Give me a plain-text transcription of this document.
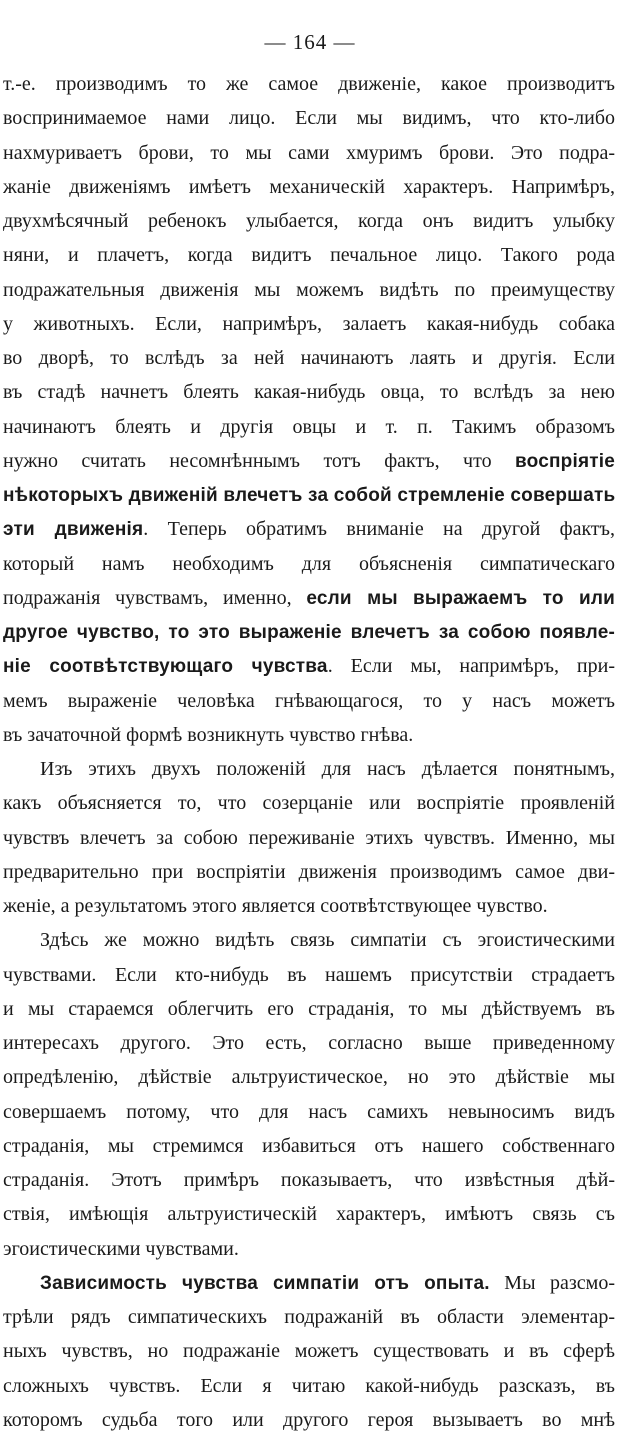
— 164 —
т.-е. производимъ то же самое движенiе, какое производитъ
воспринимаемое нами лицо. Если мы видимъ, что кто-либо
нахмуриваетъ брови, то мы сами хмуримъ брови. Это подра-
жанiе движенiямъ имѣетъ механическiй характеръ. Напримѣръ,
двухмѣсячный ребенокъ улыбается, когда онъ видитъ улыбку
няни, и плачетъ, когда видитъ печальное лицо. Такого рода
подражательныя движенiя мы можемъ видѣть по преимуществу
у животныхъ. Если, напримѣръ, залаетъ какая-нибудь собака
во дворѣ, то вслѣдъ за ней начинаютъ лаять и другiя. Если
въ стадѣ начнетъ блеять какая-нибудь овца, то вслѣдъ за нею
начинаютъ блеять и другiя овцы и т. п. Такимъ образомъ
нужно считать несомнѣннымъ тотъ фактъ, что воспрiятiе
нѣкоторыхъ движенiй влечетъ за собой стремленiе совершать
эти движенiя. Теперь обратимъ вниманiе на другой фактъ,
который намъ необходимъ для объясненiя симпатическаго
подражанiя чувствамъ, именно, если мы выражаемъ то или
другое чувство, то это выраженiе влечетъ за собою появле-
нiе соотвѣтствующаго чувства. Если мы, напримѣръ, при-
мемъ выраженiе человѣка гнѣвающагося, то у насъ можетъ
въ зачаточной формѣ возникнуть чувство гнѣва.
Изъ этихъ двухъ положенiй для насъ дѣлается понятнымъ,
какъ объясняется то, что созерцанiе или воспрiятiе проявленiй
чувствъ влечетъ за собою переживанiе этихъ чувствъ. Именно, мы
предварительно при воспрiятiи движенiя производимъ самое дви-
женiе, а результатомъ этого является соотвѣтствующее чувство.
Здѣсь же можно видѣть связь симпатiи съ эгоистическими
чувствами. Если кто-нибудь въ нашемъ присутствiи страдаетъ
и мы стараемся облегчить его страданiя, то мы дѣйствуемъ въ
интересахъ другого. Это есть, согласно выше приведенному
опредѣленiю, дѣйствiе альтруистическое, но это дѣйствiе мы
совершаемъ потому, что для насъ самихъ невыносимъ видъ
страданiя, мы стремимся избавиться отъ нашего собственнаго
страданiя. Этотъ примѣръ показываетъ, что извѣстныя дѣй-
ствiя, имѣющiя альтруистическiй характеръ, имѣютъ связь съ
эгоистическими чувствами.
Зависимость чувства симпатiи отъ опыта. Мы разсмо-
трѣли рядъ симпатическихъ подражанiй въ области элементар-
ныхъ чувствъ, но подражанiе можетъ существовать и въ сферѣ
сложныхъ чувствъ. Если я читаю какой-нибудь разсказъ, въ
которомъ судьба того или другого героя вызываетъ во мнѣ
